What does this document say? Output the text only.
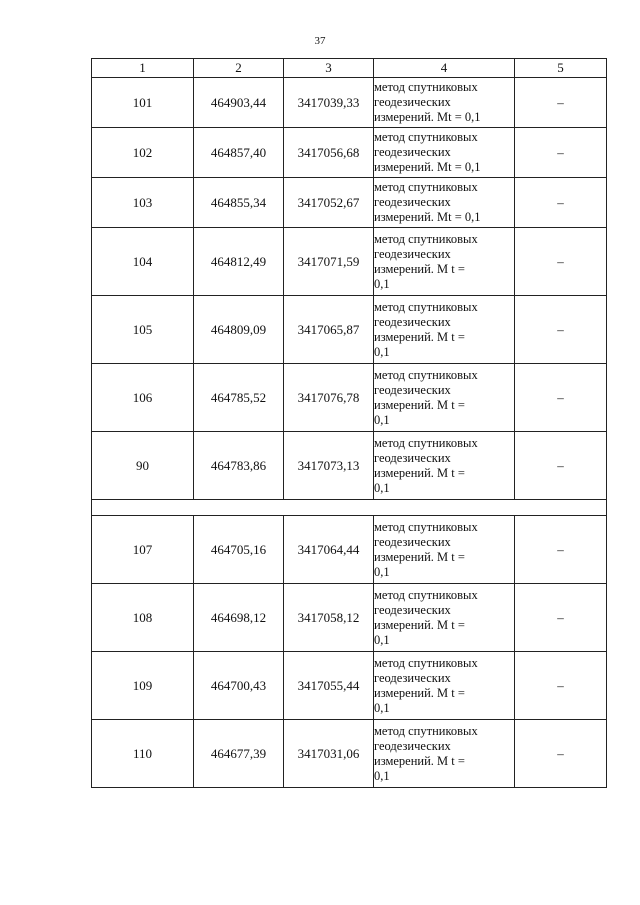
37
1	2	3	4	5
101	464903,44	3417039,33	метод спутниковых
геодезических
измерений. Mt = 0,1	–
102	464857,40	3417056,68	метод спутниковых
геодезических
измерений. Mt = 0,1	–
103	464855,34	3417052,67	метод спутниковых
геодезических
измерений. Mt = 0,1	–
104	464812,49	3417071,59	метод спутниковых
геодезических
измерений. M t =
0,1	–
105	464809,09	3417065,87	метод спутниковых
геодезических
измерений. M t =
0,1	–
106	464785,52	3417076,78	метод спутниковых
геодезических
измерений. M t =
0,1	–
90	464783,86	3417073,13	метод спутниковых
геодезических
измерений. M t =
0,1	–

107	464705,16	3417064,44	метод спутниковых
геодезических
измерений. M t =
0,1	–
108	464698,12	3417058,12	метод спутниковых
геодезических
измерений. M t =
0,1	–
109	464700,43	3417055,44	метод спутниковых
геодезических
измерений. M t =
0,1	–
110	464677,39	3417031,06	метод спутниковых
геодезических
измерений. M t =
0,1	–
